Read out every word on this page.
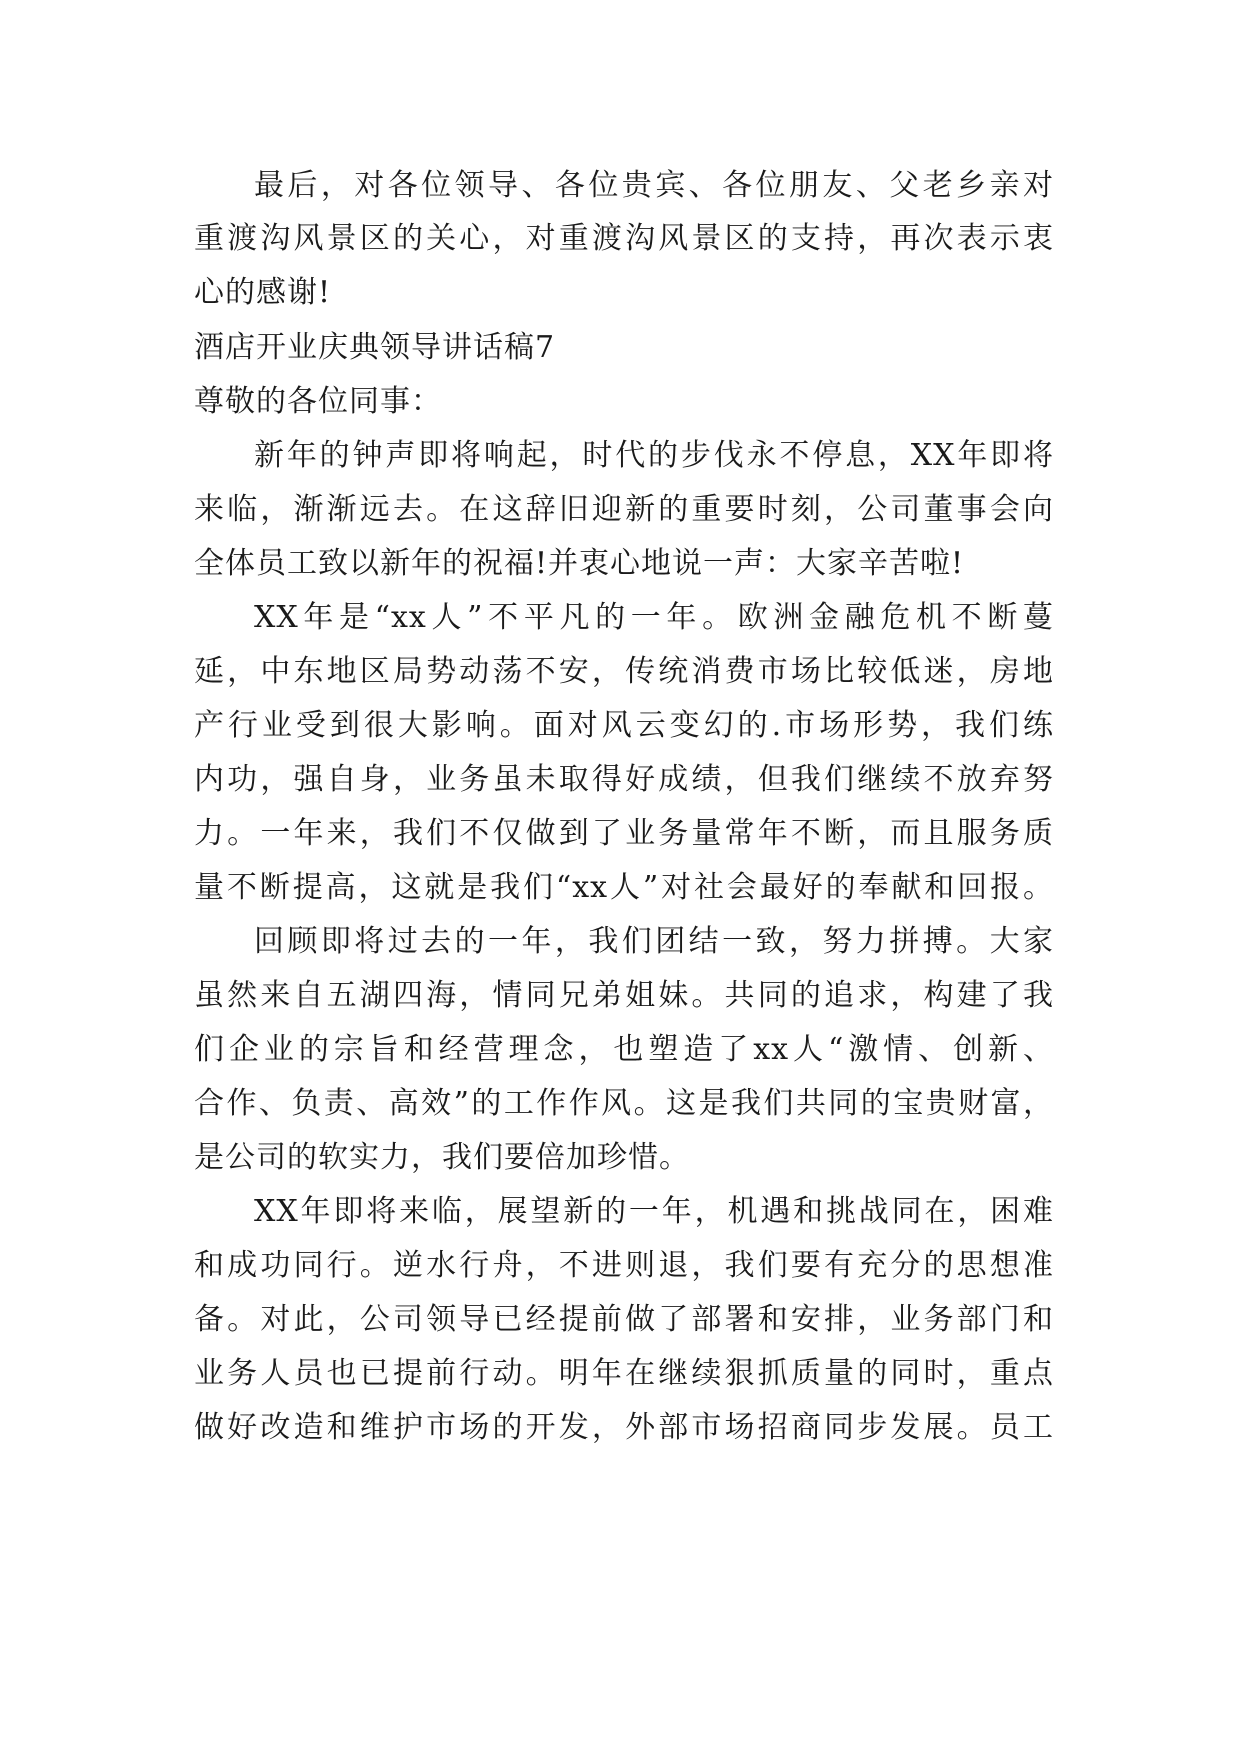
最后，对各位领导、各位贵宾、各位朋友、父老乡亲对
重渡沟风景区的关心，对重渡沟风景区的支持，再次表示衷
心的感谢!
酒店开业庆典领导讲话稿7
尊敬的各位同事：
新年的钟声即将响起，时代的步伐永不停息，XX年即将
来临，渐渐远去。在这辞旧迎新的重要时刻，公司董事会向
全体员工致以新年的祝福!并衷心地说一声：大家辛苦啦!
XX年是“xx人”不平凡的一年。欧洲金融危机不断蔓
延，中东地区局势动荡不安，传统消费市场比较低迷，房地
产行业受到很大影响。面对风云变幻的.市场形势，我们练
内功，强自身，业务虽未取得好成绩，但我们继续不放弃努
力。一年来，我们不仅做到了业务量常年不断，而且服务质
量不断提高，这就是我们“xx人”对社会最好的奉献和回报。
回顾即将过去的一年，我们团结一致，努力拼搏。大家
虽然来自五湖四海，情同兄弟姐妹。共同的追求，构建了我
们企业的宗旨和经营理念，也塑造了xx人“激情、创新、
合作、负责、高效”的工作作风。这是我们共同的宝贵财富，
是公司的软实力，我们要倍加珍惜。
XX年即将来临，展望新的一年，机遇和挑战同在，困难
和成功同行。逆水行舟，不进则退，我们要有充分的思想准
备。对此，公司领导已经提前做了部署和安排，业务部门和
业务人员也已提前行动。明年在继续狠抓质量的同时，重点
做好改造和维护市场的开发，外部市场招商同步发展。员工
